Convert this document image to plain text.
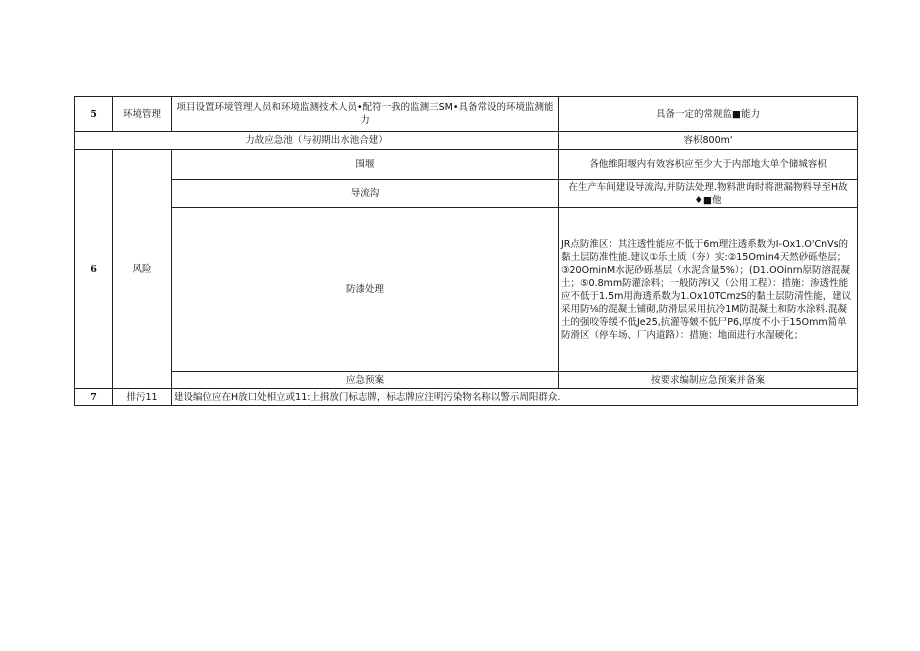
5	环境管理	项目设置环境管理人员和环境监测技术人员•配符一我的监测三SM•具备常设的环境监测能力	具备一定的常规监■能力
力故应急池（与初期出水池合建）			容枳800m'
6	风险	围堰	各他维阳堰内有效容枳应至少大于内部地大单个储城容枳
		导流沟	在生产车间建设导流沟,并防法处理.物料泄询时将泄漏物料导至H故♦■他
		防漆处理	JR点防淮区：其注透性能应不低于6m理注透系数为I-Ox1.O'CnVs的黏土层防准性能.建议①乐土质（夯）实:②15Omin4天然砂砾垫层；③20OminM水泥砂砾基层（水泥含量5%）；(D1.OOinrn原防溶混凝土；⑤0.8mm防灌涂料；一般防涔I又（公用工程）：措施：渗透性能应不低于1.5m用海透系数为1.Ox10TCmzS的黏土层防清性能，建议采用防⅛的混凝土铺砌,防滑层采用抗冷1M防混凝土和防水涂料.混凝土的强咬等缓不低Je25,抗灌等皴不低尸P6,厚度不小于15Omm简单防滑区（停车场、厂内道路）：措施：地面进行水湿硬化；
		应急预案	按要求编制应急预案并备案
7	排污11	建设编位应在H放口处相立或11:上揖放门标志牌，标志牌应注明污染物名称以警示周阳群众.	
